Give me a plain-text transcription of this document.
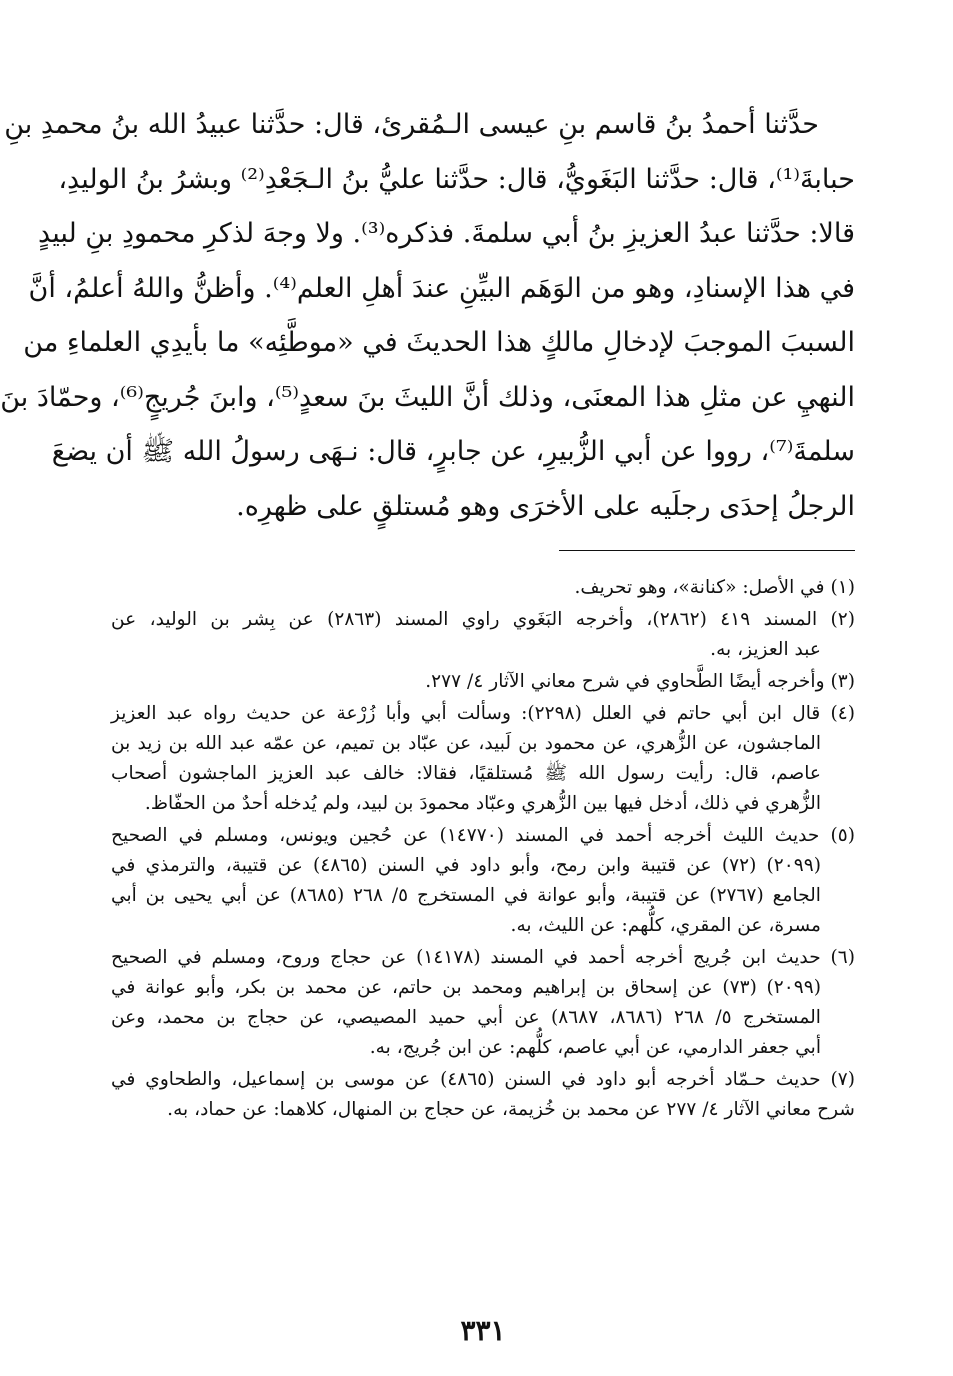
حدَّثنا أحمدُ بنُ قاسم بنِ عيسى الـمُقرئ، قال: حدَّثنا عبيدُ الله بنُ محمدِ بنِ
حبابةَ⁽¹⁾، قال: حدَّثنا البَغَويُّ، قال: حدَّثنا عليُّ بنُ الـجَعْدِ⁽²⁾ وبشرُ بنُ الوليدِ،
قالا: حدَّثنا عبدُ العزيزِ بنُ أبي سلمةَ. فذكره⁽³⁾. ولا وجهَ لذكرِ محمودِ بنِ لبيدٍ
في هذا الإسنادِ، وهو من الوَهَم البيِّنِ عندَ أهلِ العلم⁽⁴⁾. وأظنُّ واللهُ أعلمُ، أنَّ
السببَ الموجبَ لإدخالِ مالكٍ هذا الحديثَ في «موطَّئِه» ما بأيدِي العلماءِ من
النهيِ عن مثلِ هذا المعنَى، وذلك أنَّ الليثَ بنَ سعدٍ⁽⁵⁾، وابنَ جُريجٍ⁽⁶⁾، وحمّادَ بنَ
سلمةَ⁽⁷⁾، رووا عن أبي الزُّبيرِ، عن جابرٍ، قال: نـهَى رسولُ الله ﷺ أن يضعَ
الرجلُ إحدَى رجلَيه على الأخرَى وهو مُستلقٍ على ظهرِه.
(١) في الأصل: «كنانة»، وهو تحريف.
(٢) المسند ٤١٩ (٢٨٦٢)، وأخرجه البَغَوي راوي المسند (٢٨٦٣) عن بِشر بن الوليد، عن
عبد العزيز، به.
(٣) وأخرجه أيضًا الطَّحاوي في شرح معاني الآثار ٤/ ٢٧٧.
(٤) قال ابن أبي حاتم في العلل (٢٢٩٨): وسألت أبي وأبا زُرْعة عن حديث رواه عبد العزيز
الماجشون، عن الزُّهري، عن محمود بن لَبيد، عن عبّاد بن تميم، عن عمّه عبد الله بن زيد بن
عاصم، قال: رأيت رسول الله ﷺ مُستلقيًا، فقالا: خالف عبد العزيز الماجشون أصحاب
الزُّهري في ذلك، أدخل فيها بين الزُّهري وعبّاد محمودَ بن لبيد، ولم يُدخله أحدٌ من الحفّاظ.
(٥) حديث الليث أخرجه أحمد في المسند (١٤٧٧٠) عن حُجين ويونس، ومسلم في الصحيح
(٢٠٩٩) (٧٢) عن قتيبة وابن رمح، وأبو داود في السنن (٤٨٦٥) عن قتيبة، والترمذي في
الجامع (٢٧٦٧) عن قتيبة، وأبو عوانة في المستخرج ٥/ ٢٦٨ (٨٦٨٥) عن أبي يحيى بن أبي
مسرة، عن المقري، كلُّهم: عن الليث، به.
(٦) حديث ابن جُريج أخرجه أحمد في المسند (١٤١٧٨) عن حجاج وروح، ومسلم في الصحيح
(٢٠٩٩) (٧٣) عن إسحاق بن إبراهيم ومحمد بن حاتم، عن محمد بن بكر، وأبو عوانة في
المستخرج ٥/ ٢٦٨ (٨٦٨٦، ٨٦٨٧) عن أبي حميد المصيصي، عن حجاج بن محمد، وعن
أبي جعفر الدارمي، عن أبي عاصم، كلُّهم: عن ابن جُريج، به.
(٧) حديث حـمّاد أخرجه أبو داود في السنن (٤٨٦٥) عن موسى بن إسماعيل، والطحاوي في
شرح معاني الآثار ٤/ ٢٧٧ عن محمد بن خُزيمة، عن حجاج بن المنهال، كلاهما: عن حماد، به.
٣٣١
